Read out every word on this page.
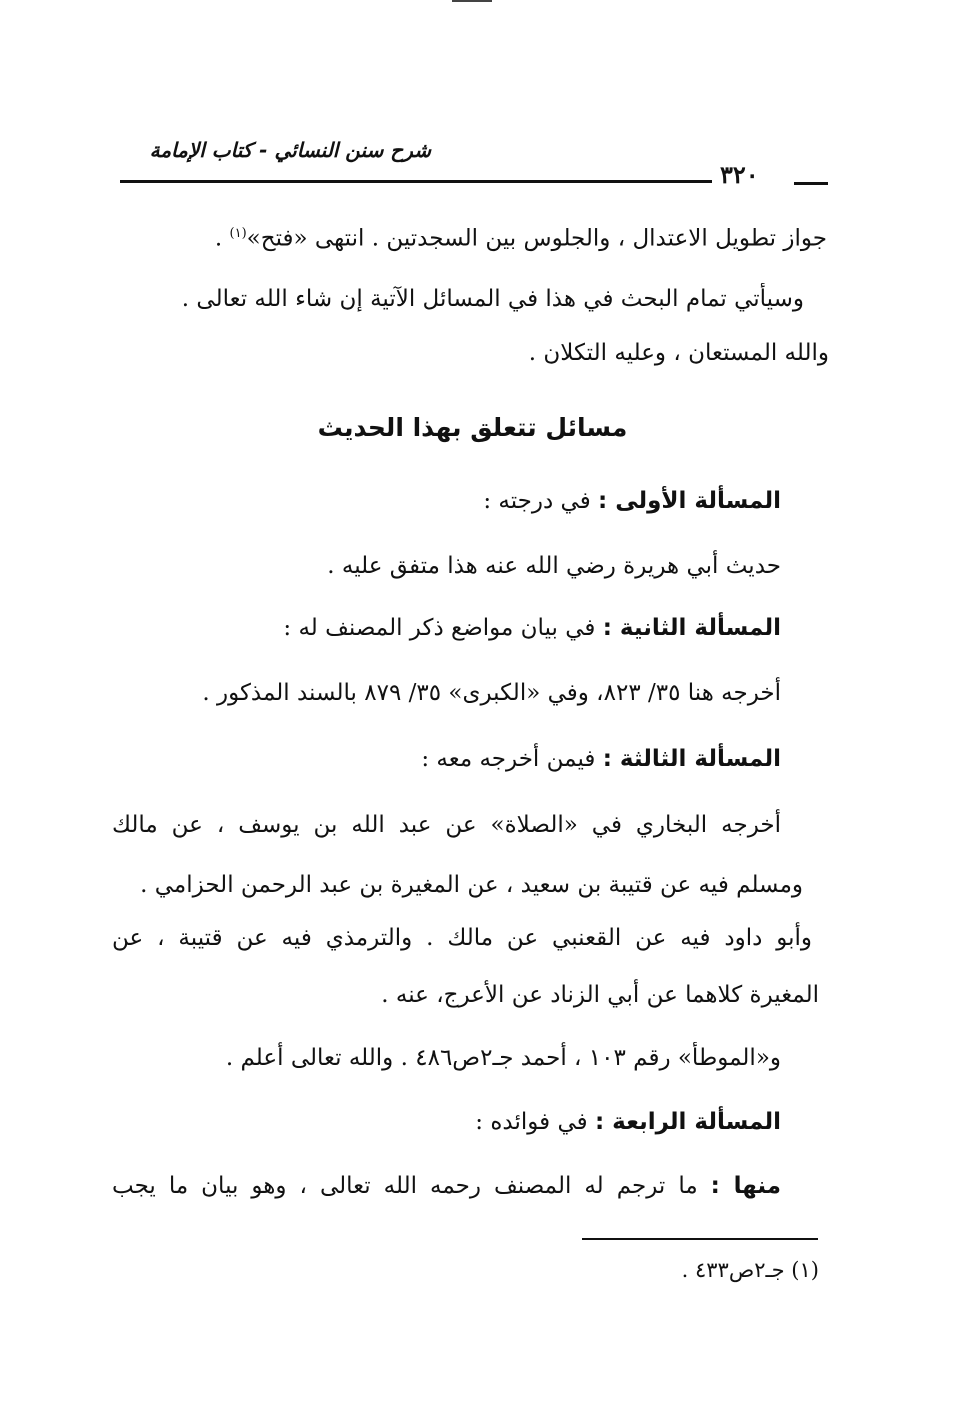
شرح سنن النسائي - كتاب الإمامة
٣٢٠
جواز تطويل الاعتدال ، والجلوس بين السجدتين . انتهى «فتح»$^{(١)}$ .
وسيأتي تمام البحث في هذا في المسائل الآتية إن شاء الله تعالى .
والله المستعان ، وعليه التكلان .
مسائل تتعلق بهذا الحديث
المسألة الأولى : في درجته :
حديث أبي هريرة رضي الله عنه هذا متفق عليه .
المسألة الثانية : في بيان مواضع ذكر المصنف له :
أخرجه هنا ٣٥/ ٨٢٣، وفي «الكبرى» ٣٥/ ٨٧٩ بالسند المذكور .
المسألة الثالثة : فيمن أخرجه معه :
أخرجه البخاري في «الصلاة» عن عبد الله بن يوسف ، عن مالك
ومسلم فيه عن قتيبة بن سعيد ، عن المغيرة بن عبد الرحمن الحزامي .
وأبو داود فيه عن القعنبي عن مالك . والترمذي فيه عن قتيبة ، عن
المغيرة كلاهما عن أبي الزناد عن الأعرج، عنه .
و«الموطأ» رقم ١٠٣ ، أحمد جـ٢ص٤٨٦ . والله تعالى أعلم .
المسألة الرابعة : في فوائده :
منها : ما ترجم له المصنف رحمه الله تعالى ، وهو بيان ما يجب
(١) جـ٢ص٤٣٣ .
